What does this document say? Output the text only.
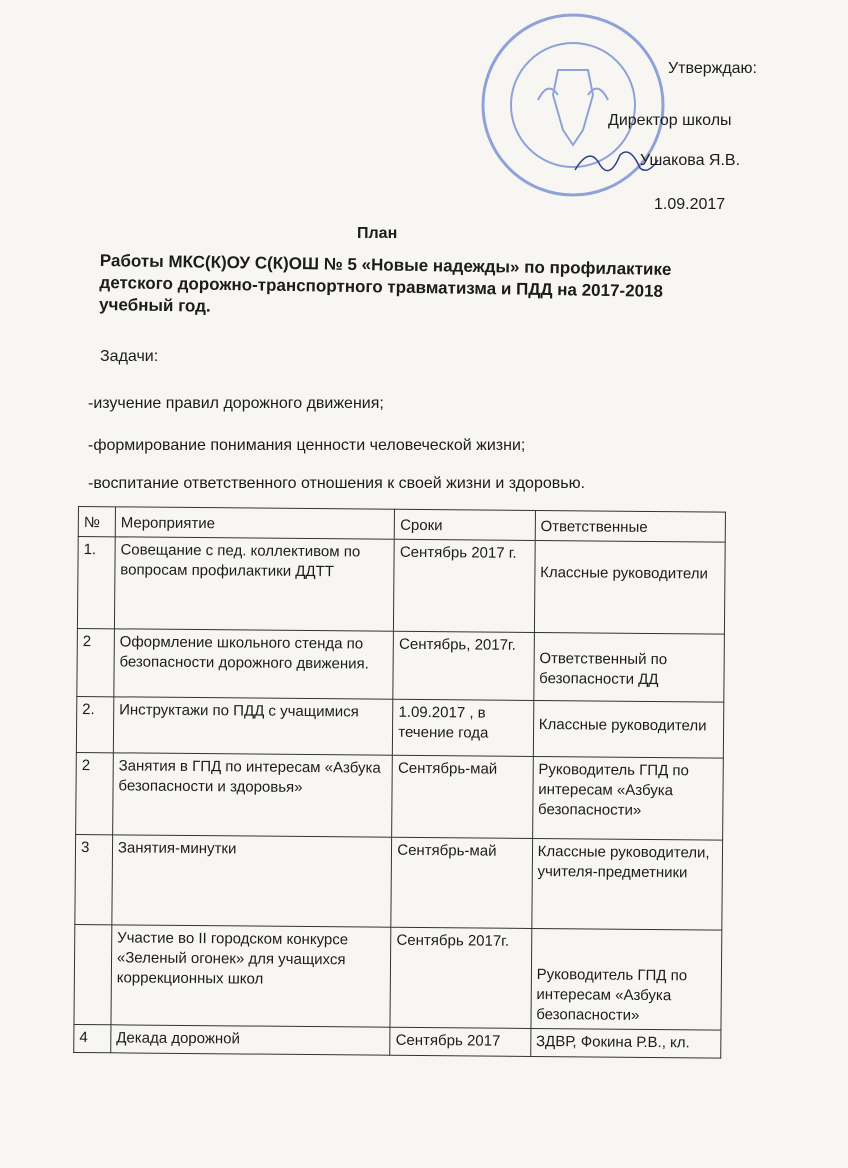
Утверждаю:
Директор школы
Ушакова Я.В.
1.09.2017
План
Работы МКС(К)ОУ С(К)ОШ № 5 «Новые надежды» по профилактике детского дорожно-транспортного травматизма и ПДД на 2017-2018 учебный год.
Задачи:
-изучение правил дорожного движения;
-формирование понимания ценности человеческой жизни;
-воспитание ответственного отношения к своей жизни и здоровью.
№	Мероприятие	Сроки	Ответственные
1.	Совещание с пед. коллективом по вопросам профилактики ДДТТ	Сентябрь 2017 г.	Классные руководители
2	Оформление школьного стенда по безопасности дорожного движения.	Сентябрь, 2017г.	Ответственный по безопасности ДД
2.	Инструктажи по ПДД с учащимися	1.09.2017 , в течение года	Классные руководители
2	Занятия в ГПД по интересам «Азбука безопасности и здоровья»	Сентябрь-май	Руководитель ГПД по интересам «Азбука безопасности»
3	Занятия-минутки	Сентябрь-май	Классные руководители, учителя-предметники
	Участие во II городском конкурсе «Зеленый огонек» для учащихся коррекционных школ	Сентябрь 2017г.	Руководитель ГПД по интересам «Азбука безопасности»
4	Декада дорожной	Сентябрь 2017	ЗДВР, Фокина Р.В., кл.
